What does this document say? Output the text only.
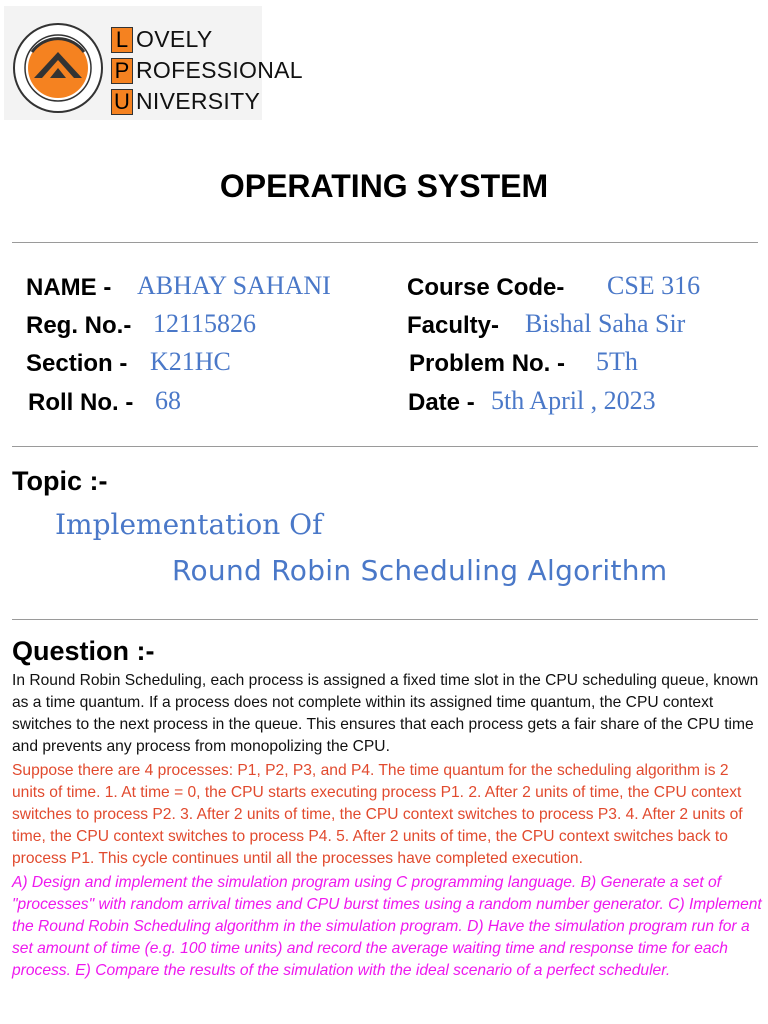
L OVELY
P ROFESSIONAL
U NIVERSITY
OPERATING SYSTEM
NAME - ABHAY SAHANI
Reg. No.- 12115826
Section - K21HC
Roll No. - 68
Course Code- CSE 316
Faculty- Bishal Saha Sir
Problem No. - 5Th
Date - 5th April , 2023
Topic :-
Implementation Of
Round Robin Scheduling Algorithm
Question :-
In Round Robin Scheduling, each process is assigned a fixed time slot in the CPU scheduling queue, known as a time quantum. If a process does not complete within its assigned time quantum, the CPU context switches to the next process in the queue. This ensures that each process gets a fair share of the CPU time and prevents any process from monopolizing the CPU.
Suppose there are 4 processes: P1, P2, P3, and P4. The time quantum for the scheduling algorithm is 2 units of time. 1. At time = 0, the CPU starts executing process P1. 2. After 2 units of time, the CPU context switches to process P2. 3. After 2 units of time, the CPU context switches to process P3. 4. After 2 units of time, the CPU context switches to process P4. 5. After 2 units of time, the CPU context switches back to process P1. This cycle continues until all the processes have completed execution.
A) Design and implement the simulation program using C programming language. B) Generate a set of "processes" with random arrival times and CPU burst times using a random number generator. C) Implement the Round Robin Scheduling algorithm in the simulation program. D) Have the simulation program run for a set amount of time (e.g. 100 time units) and record the average waiting time and response time for each process. E) Compare the results of the simulation with the ideal scenario of a perfect scheduler.
